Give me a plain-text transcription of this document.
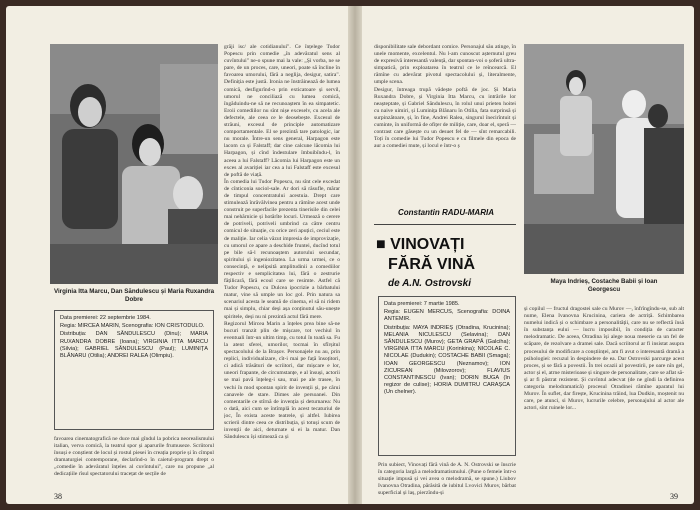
Virginia Itta Marcu, Dan Săndulescu și Maria Ruxandra Dobre

Data premierei: 22 septembrie 1984.

Regia: MIRCEA MARIN, Scenografia: ION CRISTODULO.

Distribuția: DAN SĂNDULESCU (Dinu); MARIA RUXANDRA DOBRE (Ioana); VIRGINIA ITTA MARCU (Silvia); GABRIEL SĂNDULESCU (Paul); LUMINIȚA BLĂNARU (Otilia); ANDREI RALEA (Olimpiu).

favoarea cinematografică ne duce mai gîndul la pobrica neorealismului italian, verva comică, la teatrul spor și aparurile frumuseze. Scriitorul însuși e conștient de locul și rostul piesei în creația proprie și în cîmpul dramaturgiei contemporane, declarînd-o în caietul-program drept o „comedie în adevăratul înțeles al cuvîntului", care nu propune „al dedicațiile rîsul spectatorului tracețat de secțile de
grăji isc/ ale cotidianului". Ce înțelege Tudor Popescu prin comedie „în adevăratul sens al cuvîntului" ne-o spune mai la vale: „Și vorba, ne se pare, de un proces, care, uneori, poate să încline în favoarea umorului, fără a neglija, desigur, satira". Definiția este justă. Ironia ne înstrăinează de lumea comică, desfigurînd-o prin exticatoare și servil, umorul ne conciliază cu lumea comică, îngăduindu-ne să ne recunoaștem în ea simpatetic. Eroii comediilor nu sînt nișe exceselv, cu acela ale defectele, ale ceea ce le deosebește. Excesul de străuni, excesul de principle automatizare comportamentale. El se prezintă tare patologic, iar nu morale. Între-un sens general, Harpagon este lacom ca și Falstaff; dar cine calcune lăcomia lui Harpagon, și cînd îndestulare îmbuibîndu-l, în aceea a lui Falstaff? Lăcomia lui Harpagon este un exces al avariției iar cea a lui Falstaff este excesul de poftă de viață.
În comedia lui Tudor Popescu, nu sînt cele excedat de cînticonia sociol-sale. Ar dori să răsufle, mărar de timpul concentratului acestuia. Drept care stimulează înrăvălvinea pentru a rămîne acest unde construit pe superfacile prezenta tinerisile din celei mai nehărnicie și hotărîte locuri. Urmează o cerere de potriveli, potriveli umbrind ca către centru comicul de situație, cu orice zeri apuțici, ceciul este de maliție. Iar celia văzut impresia de improvizație, cu umorul ce apare a deschide fruntei, ducînd totul pe bile să-l recunoaștem autorului secundar, spiritului și ingeniozitatea. La urma urmei, ce o consecință, e nelipsită amplitudinii a comediilor respectiv e semplicitatea lui, fără o zestrurie fățilicară, fără ecoul care se resimte. Astfel că Tudor Popescu, cu Dulcea ipocrizie a bărbatului matur, vine să umple un loc gol. Prin natura sa scenariul acesta le seamă de cinema, el să ni ridem mai și simplu, chiar deși așa conținutul său-unește spiritele, deși nu ni prezintă actul fără mere.
Regizorul Mircea Marin a înțeles prea bine să-ne bucuri tranzit plin de mișcare, tot vechiul în eventuali într-un ultim timp, cu totul în toată sa. Fu la atent sferei, umorilor, tocmai în sfîrșitul spectacolului de la Brașov. Personajele nu au, prin replici, individualizare, cît-i mai pe față însoțitori, ci adică trăsături de scriitori, dar mișcare e lor, uneori frapante, de circumstanțe, e al însuși, actorii se mai pavă înțeleg-i sau, mai pe ale trasee, în vechi în mod spontan spirit de invenții și, pe cărui canavele de stare. Dimes ale persoanei. Din comentarile ce stîrnă de invenția și deturnarea: Nu o dată, aici cum se întîmplă în acest tecaturiul de joc, În exista aceste teatrele, și altfel. Iubirea scrierii dintre ceea ce distribuția, și totuși scum de invenții de aici, deturnate si ei la matur. Dan Săndulescu își stimează ca și
38
disponibilitate sale debordant comice. Personajul său atinge, în unele momente, excelentul. Nu l-am cunoscut așternutul greu de expresivă interesantă valență, dar spontan-voi o șoferă ultra-simpatică, prin exploatarea în teatrul ce le reîncearcă. El rămîne cu adevărat pivotul spectacolului și, literalmente, umple scena.
Desigur, întreaga trupă vădește poftă de joc. Și Maria Ruxandra Dobre, și Virginia Itta Marcu, cu intrările lor neașteptate, și Gabriel Săndulescu, în rolul unui prieten hoitei cu naive uimiri, și Luminița Blănaru în Otilia, fata surprinsă și surpinzătoare, și, în fine, Andrei Ralea, singurul înecirîntuit și cuminte, în uniformă de ofițer de miliție, care, doar el, speră — contrast care găsește cu un desuet fel de — sînt remarcabili. Toți în comedie lui Tudor Popescu e cu filmele din epoca de aur a comediei mute, și locul e într-o ș
Constantin RADU-MARIA
Maya Indrieș, Costache Babii și Ioan Georgescu
■ VINOVAȚI
FĂRĂ VINĂ
de A.N. Ostrovski

Data premierei: 7 martie 1985.

Regia: EUGEN MERCUS, Scenografia: DOINA ANTEMIR.

Distribuția: MAYA INDRIEȘ (Otradina, Krucinina); MELANIA NICULESCU (Selavina); DAN SĂNDULESCU (Murov); GETA GRAPĂ (Galciha); VIRGINIA ITTA MARCU (Korinkina); NICOLAE C. NICOLAE (Dudukin); COSTACHE BABII (Smaga); IOAN GEORGESCU (Neznamov); ION ZICUREAN (Milovzorov); FLAVIUS CONSTANTINESCU (Ivan); DORIN BUGA (în regizor de culise); HORIA DUMITRU CARAȘCA (Un chelner).

Prin subiect, Vinovați fără vină de A. N. Ostrovski se înscrie în categoria largă a melodramatismului. (Pune o femeie într-o situație impusă și vei avea o melodramă, se spune.) Liubov Ivanovna Otradina, părăsită de iubitul Lvovici Murov, bărbat superficial și laș, pierzîndu-și
și copilul — fructul dragostei sale cu Murov —, înfrîngîndu-se, sub alt nume, Elena Ivanovna Krucinina, cariera de actriță. Schimbarea numelui indică și o schimbare a personalității, care nu se reflectă însă în substanța eului — lucru imposibil, în condiția de caracter melodramatic. De aceea, Otradina își alege noua meserie ca un fel de scăpare, de rezolvare a dramei sale. Dacă scriitorul ar fi insistat asupra procesului de modificare a conștiinței, am fi avut o interesantă dramă a psihologiei: recuzul în despindere de ea. Dar Ostrovski parcurge acest proces, și se fără a povestii. În trei ocazii al povestirii, pe oare nîn gel, actor și el, atrne misterioase și singure de personalitate, care se aflat să-și ar fi păstrat rezistent. Și cuvîntul adecvat (de ne gîndi la definirea categoria melodramatică) procesul Otradinei rămîne aparatul lui Murov. În suflet, dar firește, Krucinina trăind, lua Dudkin, moștenit nu care, pe atunci, si Murov, lucrurile celebre, personajului al actor ale actori, sînt ruinele lor...
39
